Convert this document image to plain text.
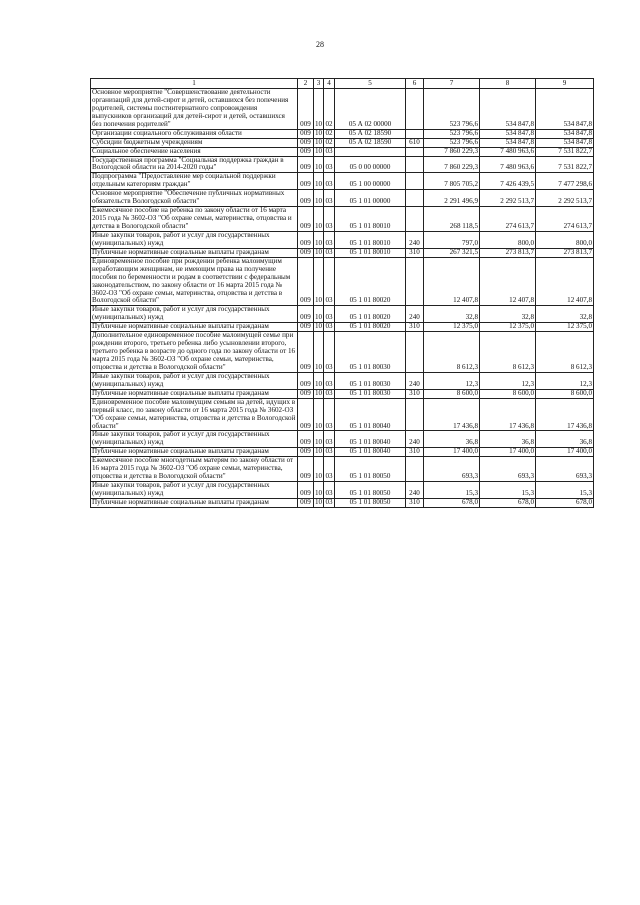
28
1	2	3	4	5	6	7	8	9
Основное мероприятие "Совершенствование деятельности организаций для детей-сирот и детей, оставшихся без попечения родителей, системы постинтернатного сопровождения выпускников организаций для детей-сирот и детей, оставшихся без попечения родителей"	009	10	02	05 А 02 00000		523 796,6	534 847,8	534 847,8
Организации социального обслуживания области	009	10	02	05 А 02 18590		523 796,6	534 847,8	534 847,8
Субсидии бюджетным учреждениям	009	10	02	05 А 02 18590	610	523 796,6	534 847,8	534 847,8
Социальное обеспечение населения	009	10	03			7 860 229,3	7 480 963,6	7 531 822,7
Государственная программа "Социальная поддержка граждан в Вологодской области на 2014-2020 годы"	009	10	03	05 0 00 00000		7 860 229,3	7 480 963,6	7 531 822,7
Подпрограмма "Предоставление мер социальной поддержки отдельным категориям граждан"	009	10	03	05 1 00 00000		7 805 705,2	7 426 439,5	7 477 298,6
Основное мероприятие "Обеспечение публичных нормативных обязательств Вологодской области"	009	10	03	05 1 01 00000		2 291 496,9	2 292 513,7	2 292 513,7
Ежемесячное пособие на ребенка по закону области от 16 марта 2015 года № 3602-ОЗ "Об охране семьи, материнства, отцовства и детства в Вологодской области"	009	10	03	05 1 01 80010		268 118,5	274 613,7	274 613,7
Иные закупки товаров, работ и услуг для государственных (муниципальных) нужд	009	10	03	05 1 01 80010	240	797,0	800,0	800,0
Публичные нормативные социальные выплаты гражданам	009	10	03	05 1 01 80010	310	267 321,5	273 813,7	273 813,7
Единовременное пособие при рождении ребенка малоимущим неработающим женщинам, не имеющим права на получение пособия по беременности и родам в соответствии с федеральным законодательством, по закону области от 16 марта 2015 года № 3602-ОЗ "Об охране семьи, материнства, отцовства и детства в Вологодской области"	009	10	03	05 1 01 80020		12 407,8	12 407,8	12 407,8
Иные закупки товаров, работ и услуг для государственных (муниципальных) нужд	009	10	03	05 1 01 80020	240	32,8	32,8	32,8
Публичные нормативные социальные выплаты гражданам	009	10	03	05 1 01 80020	310	12 375,0	12 375,0	12 375,0
Дополнительное единовременное пособие малоимущей семье при рождении второго, третьего ребенка либо усыновлении второго, третьего ребенка в возрасте до одного года по закону области от 16 марта 2015 года № 3602-ОЗ "Об охране семьи, материнства, отцовства и детства в Вологодской области"	009	10	03	05 1 01 80030		8 612,3	8 612,3	8 612,3
Иные закупки товаров, работ и услуг для государственных (муниципальных) нужд	009	10	03	05 1 01 80030	240	12,3	12,3	12,3
Публичные нормативные социальные выплаты гражданам	009	10	03	05 1 01 80030	310	8 600,0	8 600,0	8 600,0
Единовременное пособие малоимущим семьям на детей, идущих в первый класс, по закону области от 16 марта 2015 года № 3602-ОЗ "Об охране семьи, материнства, отцовства и детства в Вологодской области"	009	10	03	05 1 01 80040		17 436,8	17 436,8	17 436,8
Иные закупки товаров, работ и услуг для государственных (муниципальных) нужд	009	10	03	05 1 01 80040	240	36,8	36,8	36,8
Публичные нормативные социальные выплаты гражданам	009	10	03	05 1 01 80040	310	17 400,0	17 400,0	17 400,0
Ежемесячное пособие многодетным матерям по закону области от 16 марта 2015 года № 3602-ОЗ "Об охране семьи, материнства, отцовства и детства в Вологодской области"	009	10	03	05 1 01 80050		693,3	693,3	693,3
Иные закупки товаров, работ и услуг для государственных (муниципальных) нужд	009	10	03	05 1 01 80050	240	15,3	15,3	15,3
Публичные нормативные социальные выплаты гражданам	009	10	03	05 1 01 80050	310	678,0	678,0	678,0
